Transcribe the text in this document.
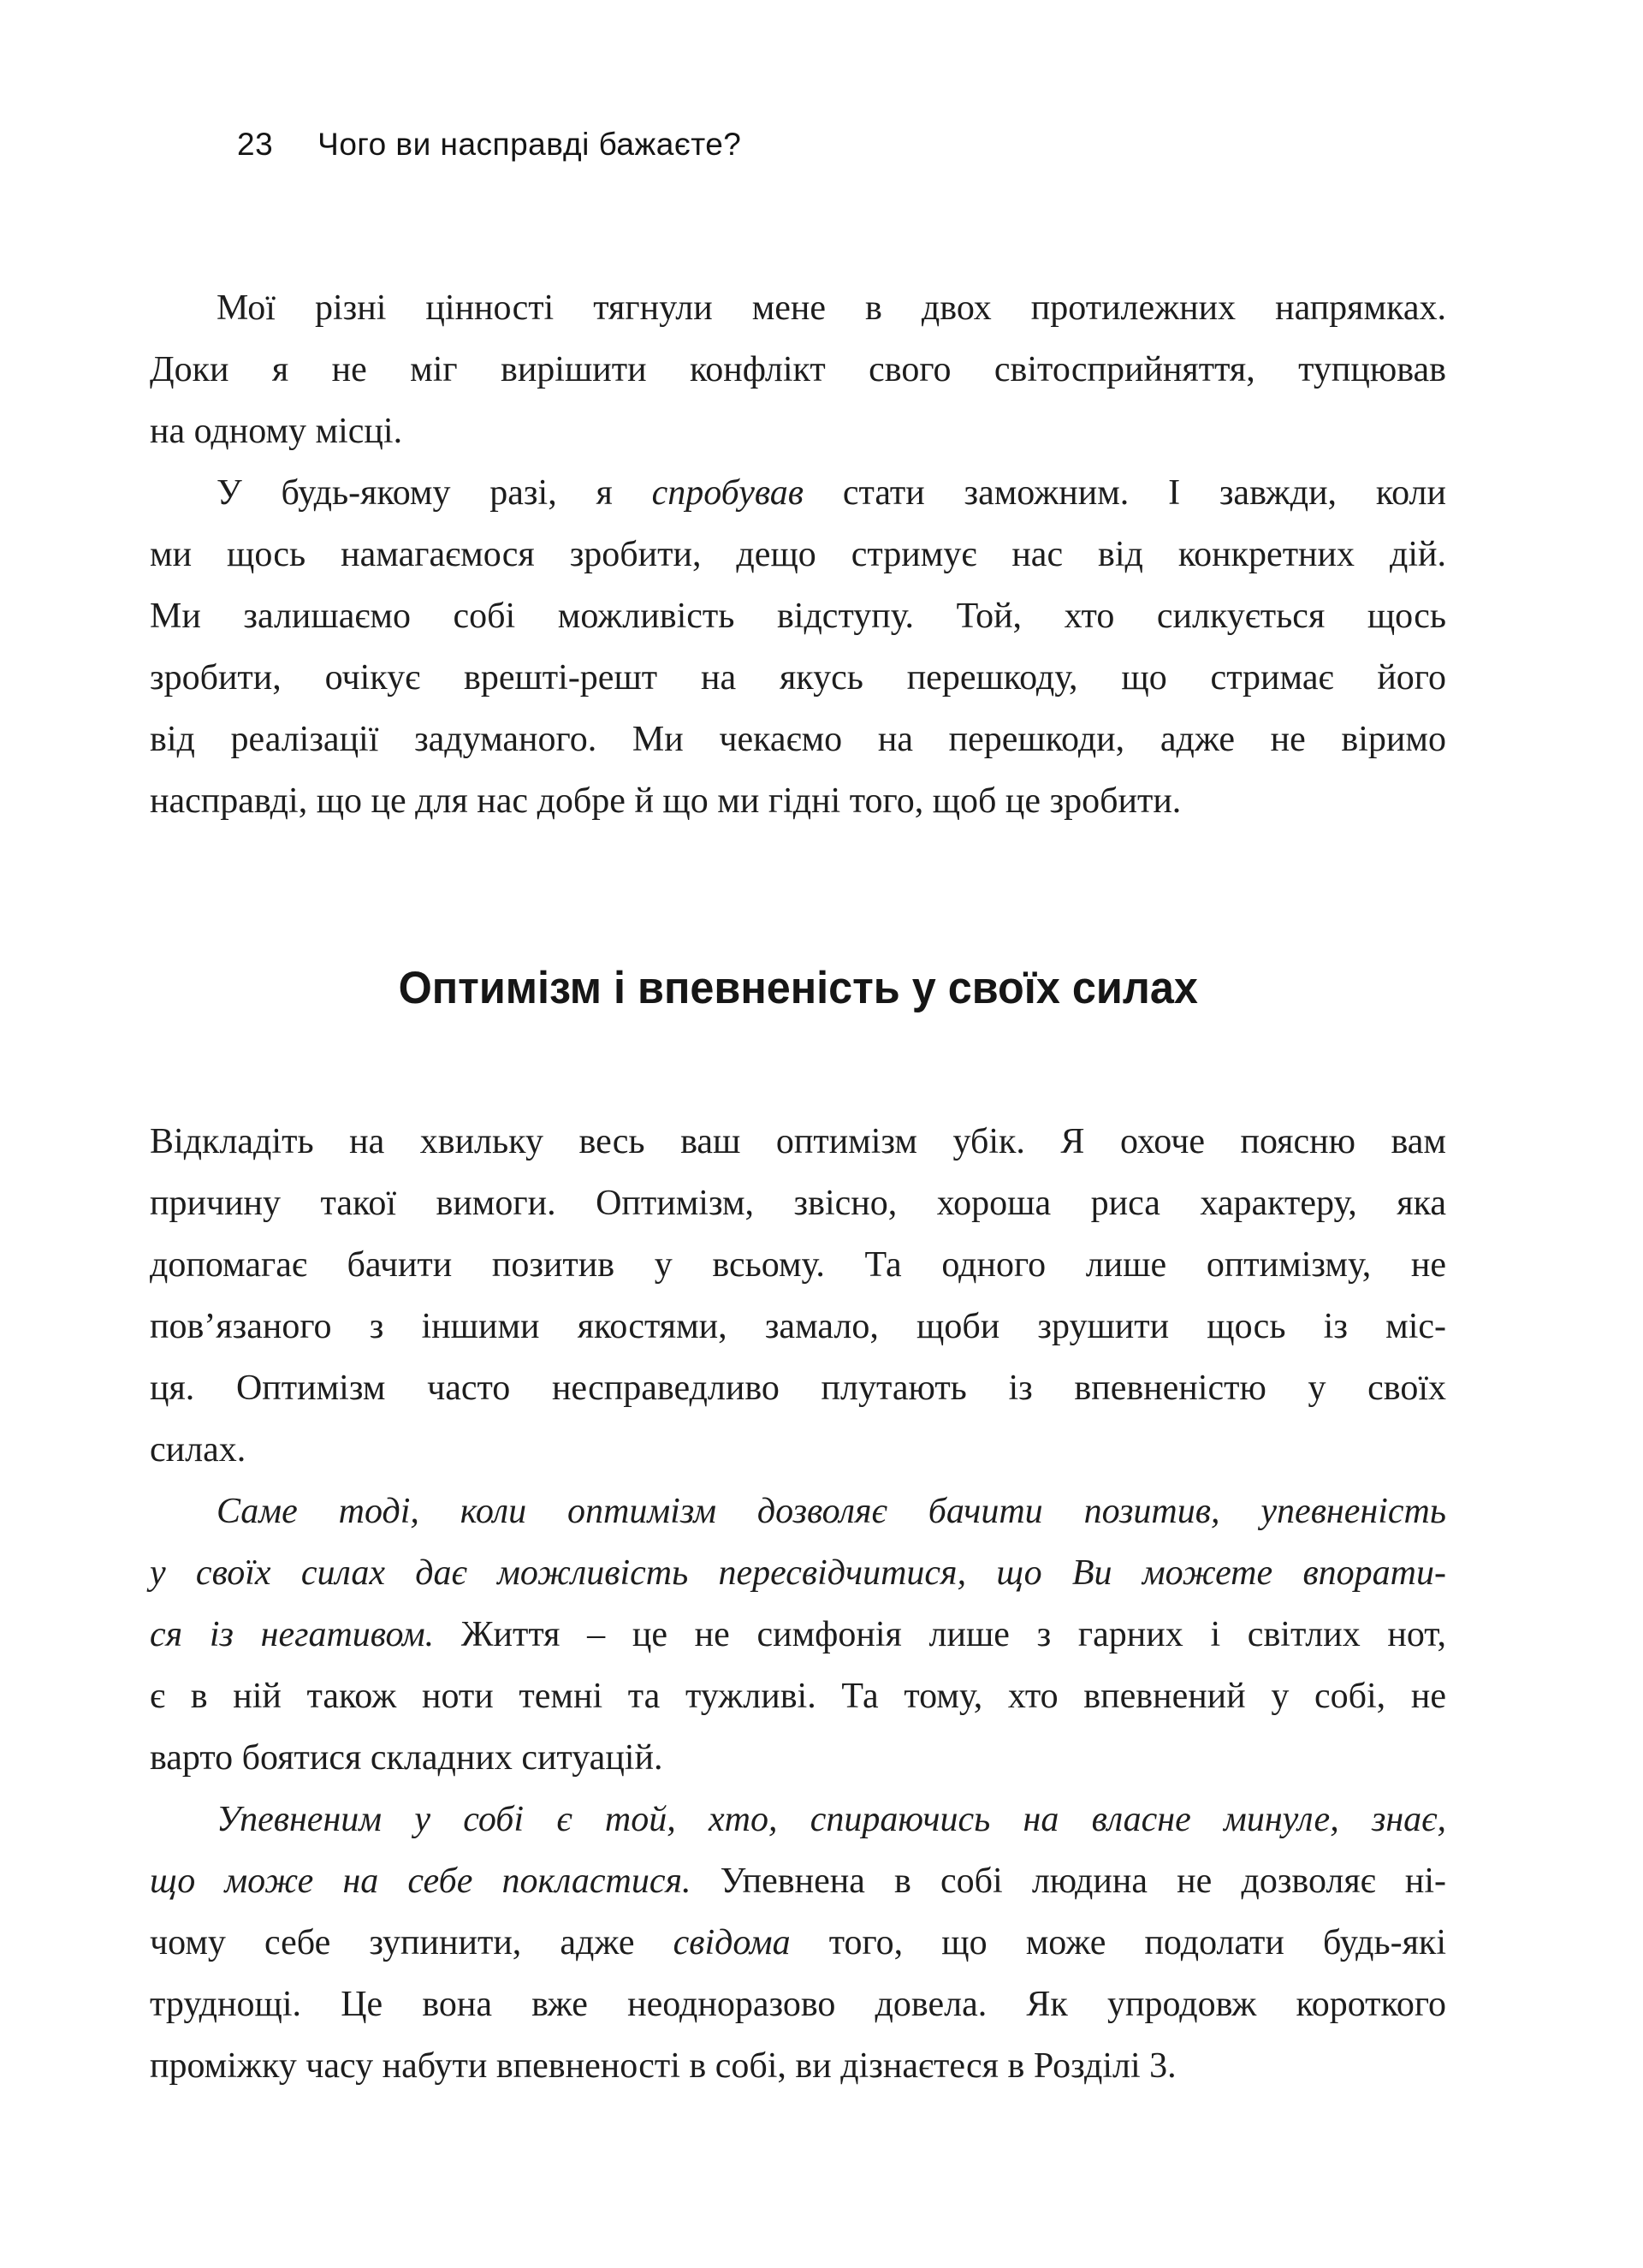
23 Чого ви насправді бажаєте?
Мої різні цінності тягнули мене в двох протилежних напрямках.
Доки я не міг вирішити конфлікт свого світосприйняття, тупцював
на одному місці.
У будь-якому разі, я спробував стати заможним. І завжди, коли
ми щось намагаємося зробити, дещо стримує нас від конкретних дій.
Ми залишаємо собі можливість відступу. Той, хто силкується щось
зробити, очікує врешті-решт на якусь перешкоду, що стримає його
від реалізації задуманого. Ми чекаємо на перешкоди, адже не віримо
насправді, що це для нас добре й що ми гідні того, щоб це зробити.
Оптимізм і впевненість у своїх силах
Відкладіть на хвильку весь ваш оптимізм убік. Я охоче поясню вам
причину такої вимоги. Оптимізм, звісно, хороша риса характеру, яка
допомагає бачити позитив у всьому. Та одного лише оптимізму, не
пов’язаного з іншими якостями, замало, щоби зрушити щось із міс-
ця. Оптимізм часто несправедливо плутають із впевненістю у своїх
силах.
Саме тоді, коли оптимізм дозволяє бачити позитив, упевненість
у своїх силах дає можливість пересвідчитися, що Ви можете впорати-
ся із негативом. Життя – це не симфонія лише з гарних і світлих нот,
є в ній також ноти темні та тужливі. Та тому, хто впевнений у собі, не
варто боятися складних ситуацій.
Упевненим у собі є той, хто, спираючись на власне минуле, знає,
що може на себе покластися. Упевнена в собі людина не дозволяє ні-
чому себе зупинити, адже свідома того, що може подолати будь-які
труднощі. Це вона вже неодноразово довела. Як упродовж короткого
проміжку часу набути впевненості в собі, ви дізнаєтеся в Розділі 3.
